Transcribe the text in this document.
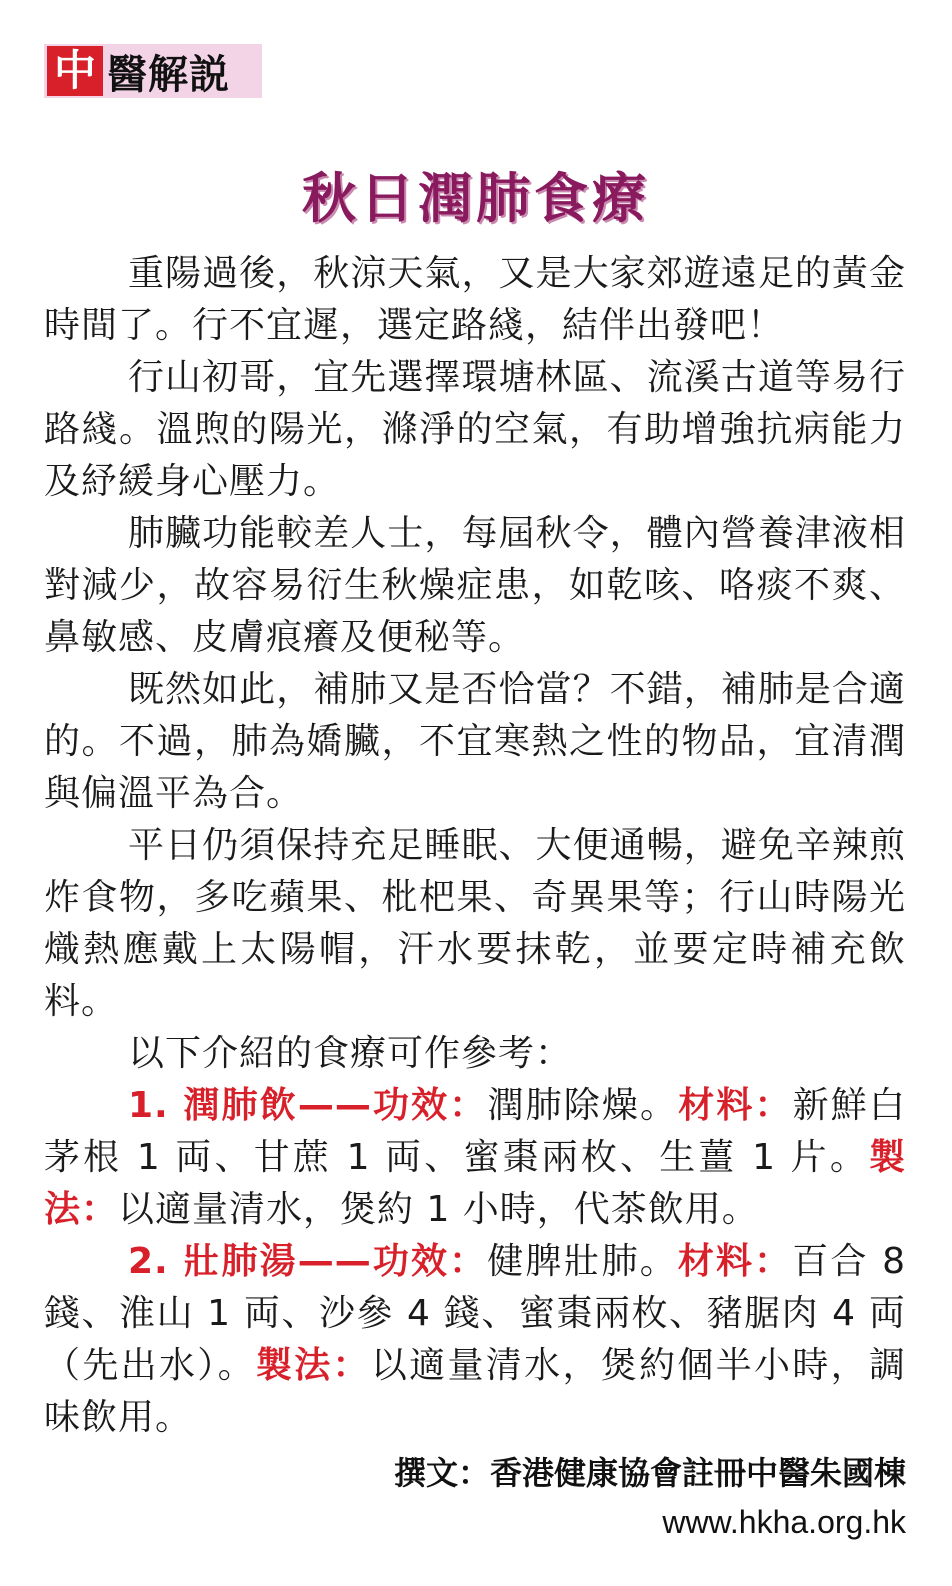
中 醫解説
秋日潤肺食療

重陽過後，秋涼天氣，又是大家郊遊遠足的黃金時間了。行不宜遲，選定路綫，結伴出發吧！

行山初哥，宜先選擇環塘林區、流溪古道等易行路綫。溫煦的陽光，滌淨的空氣，有助增強抗病能力及紓緩身心壓力。

肺臟功能較差人士，每屆秋令，體內營養津液相對減少，故容易衍生秋燥症患，如乾咳、咯痰不爽、鼻敏感、皮膚痕癢及便秘等。

既然如此，補肺又是否恰當？不錯，補肺是合適的。不過，肺為嬌臟，不宜寒熱之性的物品，宜清潤與偏溫平為合。

平日仍須保持充足睡眠、大便通暢，避免辛辣煎炸食物，多吃蘋果、枇杷果、奇異果等；行山時陽光熾熱應戴上太陽帽，汗水要抹乾，並要定時補充飲料。

以下介紹的食療可作參考：

1. 潤肺飲——功效：潤肺除燥。材料：新鮮白茅根 1 両、甘蔗 1 両、蜜棗兩枚、生薑 1 片。製法：以適量清水，煲約 1 小時，代茶飲用。

2. 壯肺湯——功效：健脾壯肺。材料：百合 8 錢、淮山 1 両、沙參 4 錢、蜜棗兩枚、豬腒肉 4 両（先出水）。製法：以適量清水，煲約個半小時，調味飲用。

撰文：香港健康協會註冊中醫朱國棟
www.hkha.org.hk
